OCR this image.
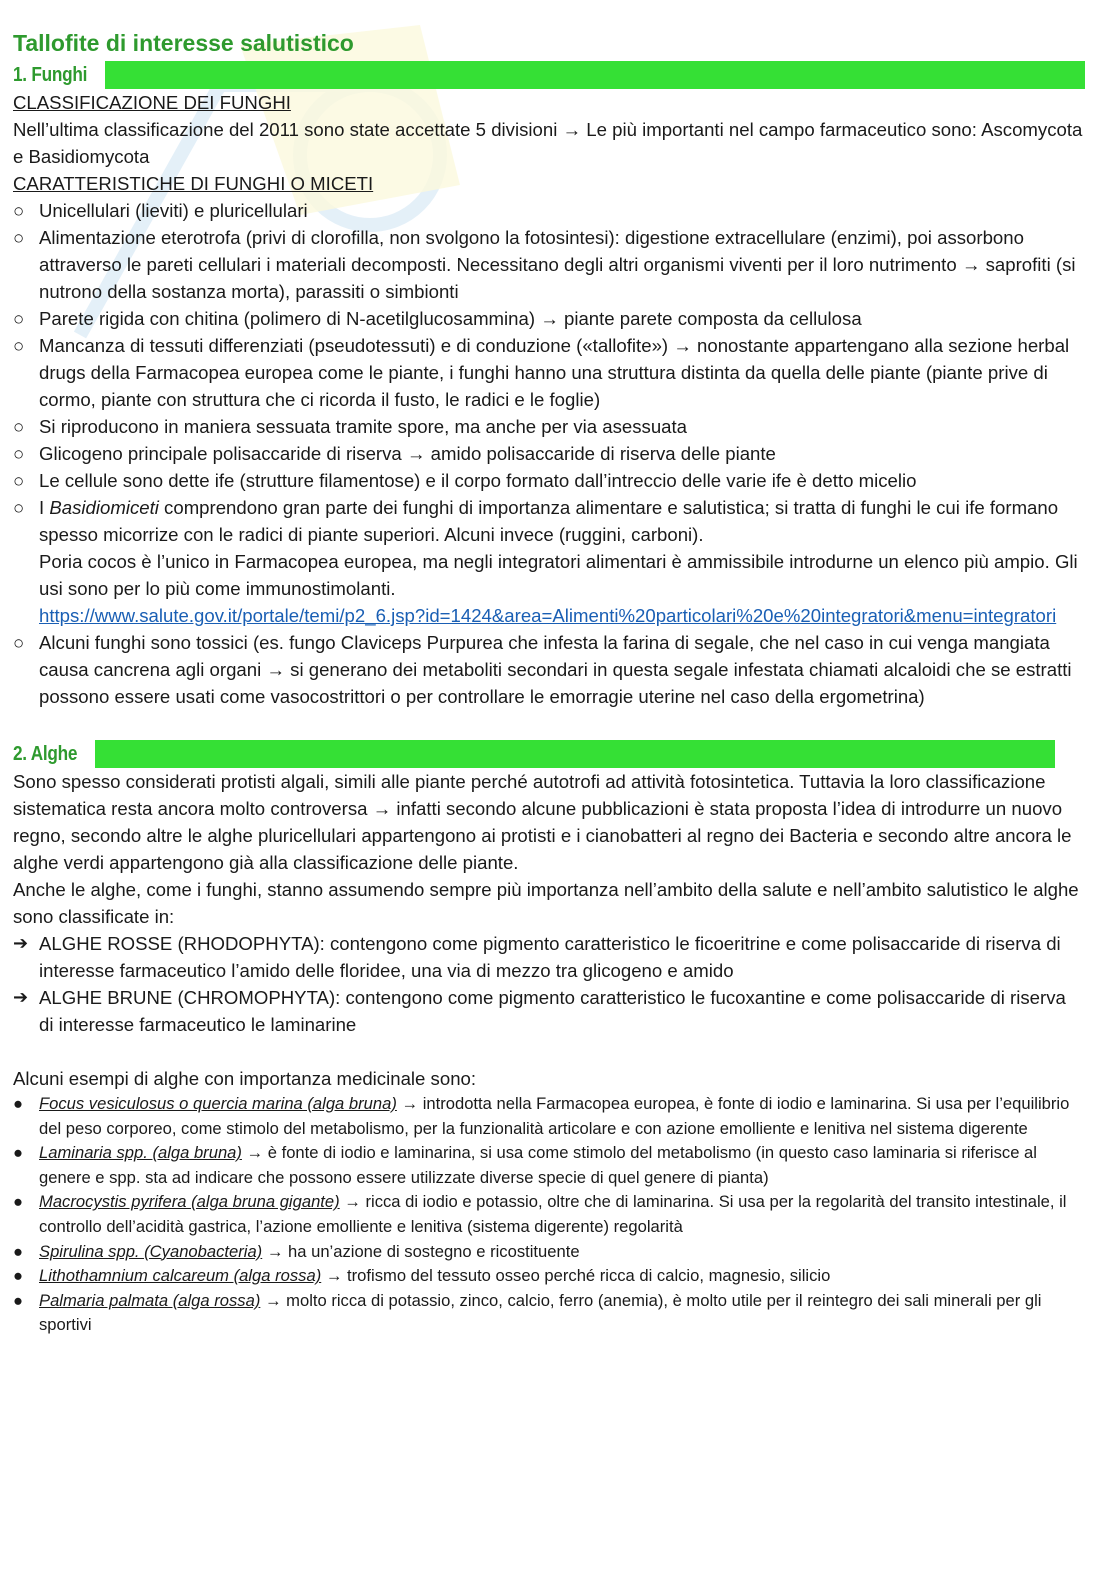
Tallofite di interesse salutistico
1. Funghi

CLASSIFICAZIONE DEI FUNGHI

Nell’ultima classificazione del 2011 sono state accettate 5 divisioni → Le più importanti nel campo farmaceutico sono: Ascomycota e Basidiomycota

CARATTERISTICHE DI FUNGHI O MICETI

○ Unicellulari (lieviti) e pluricellulari
○ Alimentazione eterotrofa (privi di clorofilla, non svolgono la fotosintesi): digestione extracellulare (enzimi), poi assorbono attraverso le pareti cellulari i materiali decomposti. Necessitano degli altri organismi viventi per il loro nutrimento → saprofiti (si nutrono della sostanza morta), parassiti o simbionti
○ Parete rigida con chitina (polimero di N-acetilglucosammina) → piante parete composta da cellulosa
○ Mancanza di tessuti differenziati (pseudotessuti) e di conduzione («tallofite») → nonostante appartengano alla sezione herbal drugs della Farmacopea europea come le piante, i funghi hanno una struttura distinta da quella delle piante (piante prive di cormo, piante con struttura che ci ricorda il fusto, le radici e le foglie)
○ Si riproducono in maniera sessuata tramite spore, ma anche per via asessuata
○ Glicogeno principale polisaccaride di riserva → amido polisaccaride di riserva delle piante
○ Le cellule sono dette ife (strutture filamentose) e il corpo formato dall’intreccio delle varie ife è detto micelio
○ I Basidiomiceti comprendono gran parte dei funghi di importanza alimentare e salutistica; si tratta di funghi le cui ife formano spesso micorrize con le radici di piante superiori. Alcuni invece (ruggini, carboni).
Poria cocos è l’unico in Farmacopea europea, ma negli integratori alimentari è ammissibile introdurne un elenco più ampio. Gli usi sono per lo più come immunostimolanti.
https://www.salute.gov.it/portale/temi/p2_6.jsp?id=1424&area=Alimenti%20particolari%20e%20integratori&menu=integratori
○ Alcuni funghi sono tossici (es. fungo Claviceps Purpurea che infesta la farina di segale, che nel caso in cui venga mangiata causa cancrena agli organi → si generano dei metaboliti secondari in questa segale infestata chiamati alcaloidi che se estratti possono essere usati come vasocostrittori o per controllare le emorragie uterine nel caso della ergometrina)
2. Alghe

Sono spesso considerati protisti algali, simili alle piante perché autotrofi ad attività fotosintetica. Tuttavia la loro classificazione sistematica resta ancora molto controversa → infatti secondo alcune pubblicazioni è stata proposta l’idea di introdurre un nuovo regno, secondo altre le alghe pluricellulari appartengono ai protisti e i cianobatteri al regno dei Bacteria e secondo altre ancora le alghe verdi appartengono già alla classificazione delle piante.

Anche le alghe, come i funghi, stanno assumendo sempre più importanza nell’ambito della salute e nell’ambito salutistico le alghe sono classificate in:

➔ ALGHE ROSSE (RHODOPHYTA): contengono come pigmento caratteristico le ficoeritrine e come polisaccaride di riserva di interesse farmaceutico l’amido delle floridee, una via di mezzo tra glicogeno e amido
➔ ALGHE BRUNE (CHROMOPHYTA): contengono come pigmento caratteristico le fucoxantine e come polisaccaride di riserva di interesse farmaceutico le laminarine

Alcuni esempi di alghe con importanza medicinale sono:

● Focus vesiculosus o quercia marina (alga bruna) → introdotta nella Farmacopea europea, è fonte di iodio e laminarina. Si usa per l’equilibrio del peso corporeo, come stimolo del metabolismo, per la funzionalità articolare e con azione emolliente e lenitiva nel sistema digerente
● Laminaria spp. (alga bruna) → è fonte di iodio e laminarina, si usa come stimolo del metabolismo (in questo caso laminaria si riferisce al genere e spp. sta ad indicare che possono essere utilizzate diverse specie di quel genere di pianta)
● Macrocystis pyrifera (alga bruna gigante) → ricca di iodio e potassio, oltre che di laminarina. Si usa per la regolarità del transito intestinale, il controllo dell’acidità gastrica, l’azione emolliente e lenitiva (sistema digerente) regolarità
● Spirulina spp. (Cyanobacteria) → ha un’azione di sostegno e ricostituente
● Lithothamnium calcareum (alga rossa) → trofismo del tessuto osseo perché ricca di calcio, magnesio, silicio
● Palmaria palmata (alga rossa) → molto ricca di potassio, zinco, calcio, ferro (anemia), è molto utile per il reintegro dei sali minerali per gli sportivi
